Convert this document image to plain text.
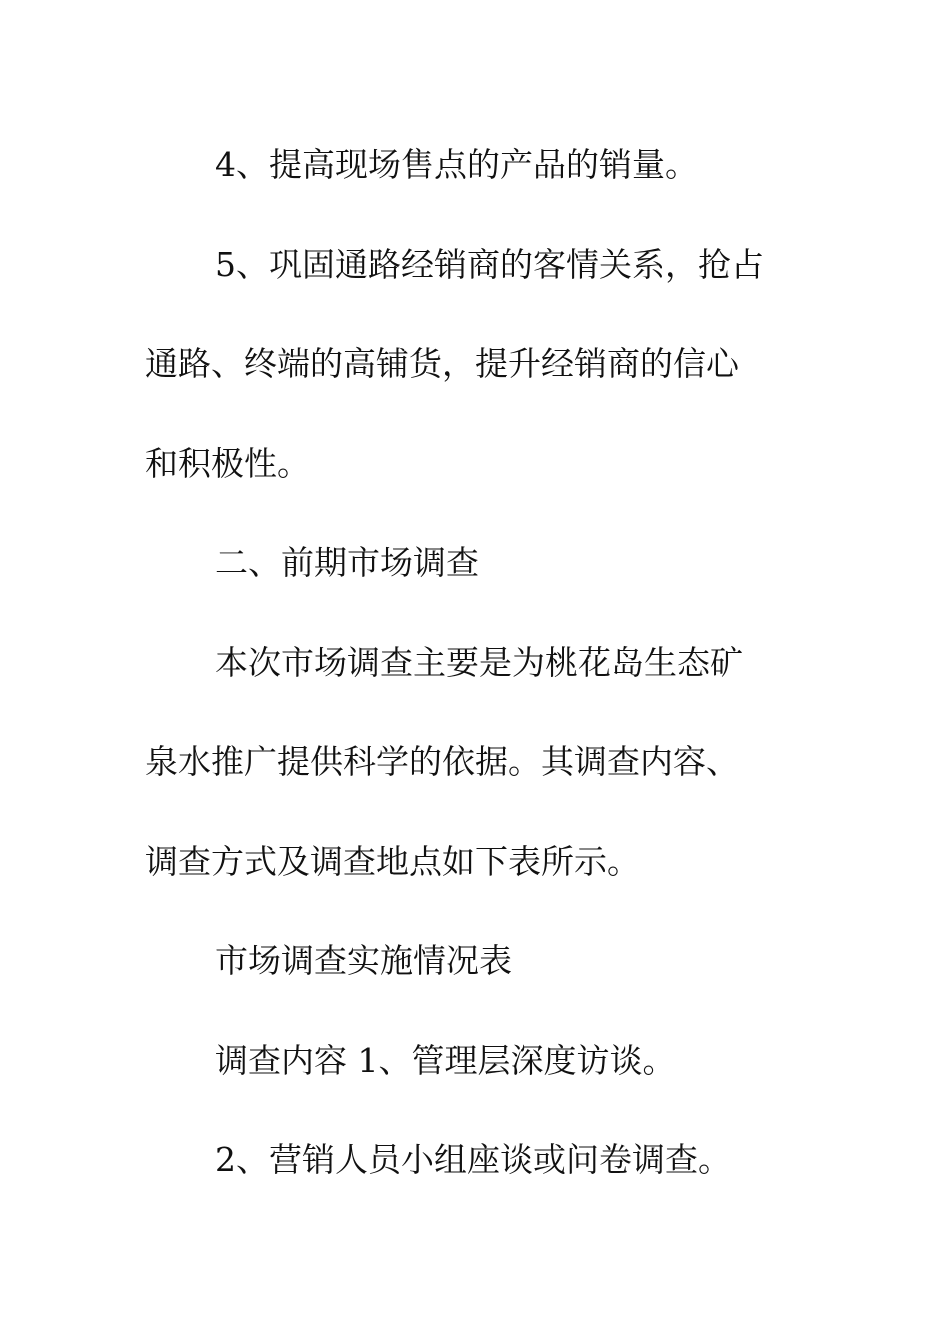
4、提高现场售点的产品的销量。
5、巩固通路经销商的客情关系，抢占
通路、终端的高铺货，提升经销商的信心
和积极性。
二、前期市场调查
本次市场调查主要是为桃花岛生态矿
泉水推广提供科学的依据。其调查内容、
调查方式及调查地点如下表所示。
市场调查实施情况表
调查内容 1、管理层深度访谈。
2、营销人员小组座谈或问卷调查。
